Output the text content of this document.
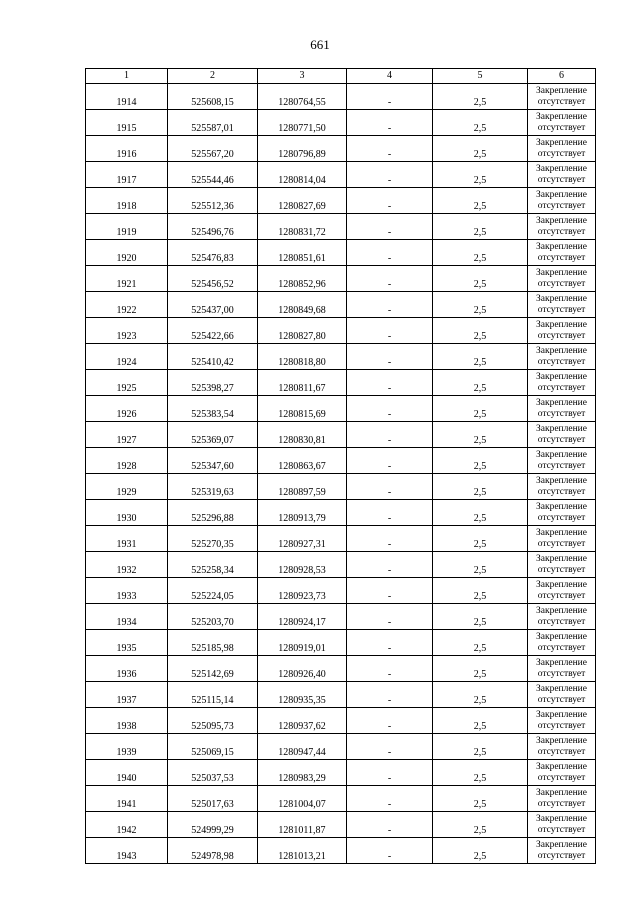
661
1	2	3	4	5	6
1914	525608,15	1280764,55	-	2,5	Закрепление
отсутствует

1915	525587,01	1280771,50	-	2,5	Закрепление
отсутствует

1916	525567,20	1280796,89	-	2,5	Закрепление
отсутствует

1917	525544,46	1280814,04	-	2,5	Закрепление
отсутствует

1918	525512,36	1280827,69	-	2,5	Закрепление
отсутствует

1919	525496,76	1280831,72	-	2,5	Закрепление
отсутствует

1920	525476,83	1280851,61	-	2,5	Закрепление
отсутствует

1921	525456,52	1280852,96	-	2,5	Закрепление
отсутствует

1922	525437,00	1280849,68	-	2,5	Закрепление
отсутствует

1923	525422,66	1280827,80	-	2,5	Закрепление
отсутствует

1924	525410,42	1280818,80	-	2,5	Закрепление
отсутствует

1925	525398,27	1280811,67	-	2,5	Закрепление
отсутствует

1926	525383,54	1280815,69	-	2,5	Закрепление
отсутствует

1927	525369,07	1280830,81	-	2,5	Закрепление
отсутствует

1928	525347,60	1280863,67	-	2,5	Закрепление
отсутствует

1929	525319,63	1280897,59	-	2,5	Закрепление
отсутствует

1930	525296,88	1280913,79	-	2,5	Закрепление
отсутствует

1931	525270,35	1280927,31	-	2,5	Закрепление
отсутствует

1932	525258,34	1280928,53	-	2,5	Закрепление
отсутствует

1933	525224,05	1280923,73	-	2,5	Закрепление
отсутствует

1934	525203,70	1280924,17	-	2,5	Закрепление
отсутствует

1935	525185,98	1280919,01	-	2,5	Закрепление
отсутствует

1936	525142,69	1280926,40	-	2,5	Закрепление
отсутствует

1937	525115,14	1280935,35	-	2,5	Закрепление
отсутствует

1938	525095,73	1280937,62	-	2,5	Закрепление
отсутствует

1939	525069,15	1280947,44	-	2,5	Закрепление
отсутствует

1940	525037,53	1280983,29	-	2,5	Закрепление
отсутствует

1941	525017,63	1281004,07	-	2,5	Закрепление
отсутствует

1942	524999,29	1281011,87	-	2,5	Закрепление
отсутствует

1943	524978,98	1281013,21	-	2,5	Закрепление
отсутствует
